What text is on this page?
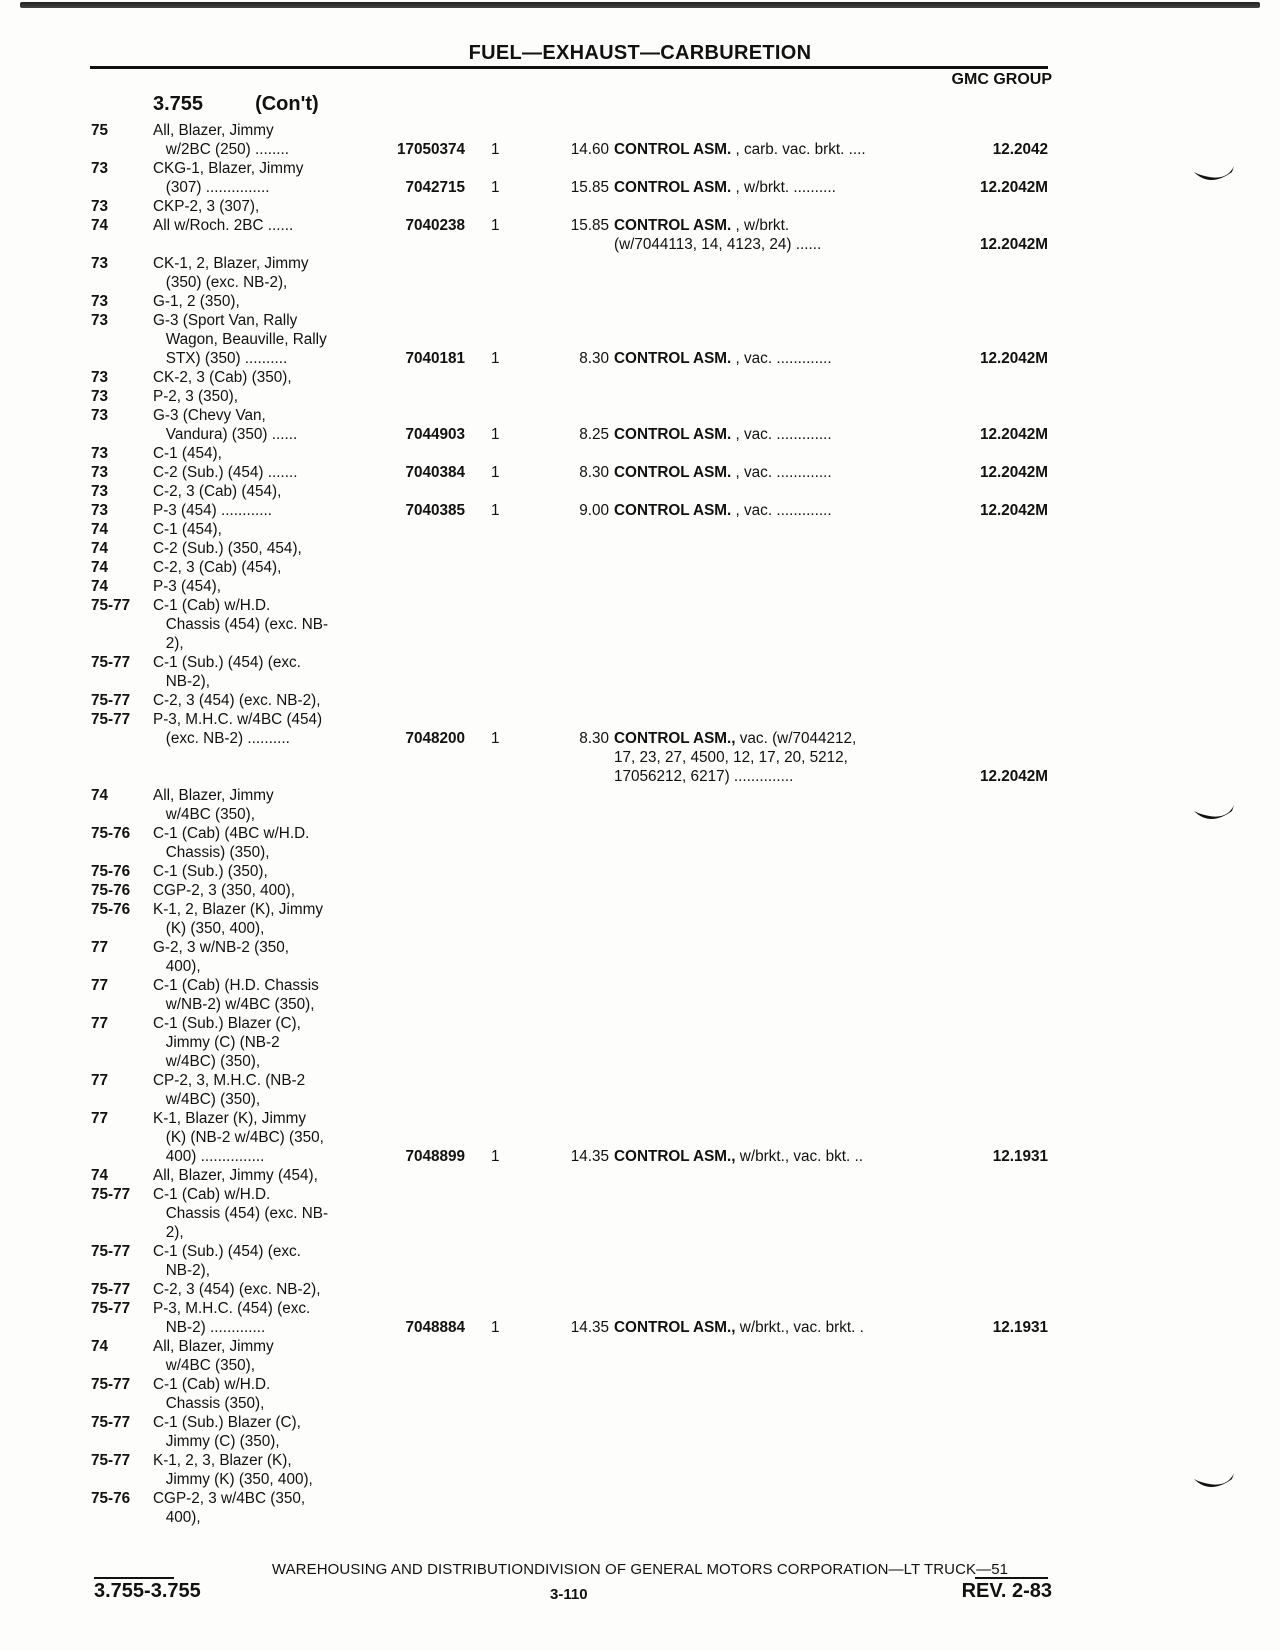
FUEL—EXHAUST—CARBURETION
GMC GROUP
3.755	(Con't)
75	All, Blazer, Jimmy
w/2BC (250) ........	17050374 1	14.60 CONTROL ASM. , carb. vac. brkt. ....	12.2042
73	CKG-1, Blazer, Jimmy
(307) ...............	7042715 1	15.85 CONTROL ASM. , w/brkt. ..........	12.2042M
73	CKP-2, 3 (307),
74	All w/Roch. 2BC ......	7040238 1	15.85 CONTROL ASM. , w/brkt.
(w/7044113, 14, 4123, 24) ......	12.2042M
73	CK-1, 2, Blazer, Jimmy
(350) (exc. NB-2),
73	G-1, 2 (350),
73	G-3 (Sport Van, Rally
Wagon, Beauville, Rally
STX) (350) ..........	7040181 1	8.30 CONTROL ASM. , vac. .............	12.2042M
73	CK-2, 3 (Cab) (350),
73	P-2, 3 (350),
73	G-3 (Chevy Van,
Vandura) (350) ......	7044903 1	8.25 CONTROL ASM. , vac. .............	12.2042M
73	C-1 (454),
73	C-2 (Sub.) (454) .......	7040384 1	8.30 CONTROL ASM. , vac. .............	12.2042M
73	C-2, 3 (Cab) (454),
73	P-3 (454) ............	7040385 1	9.00 CONTROL ASM. , vac. .............	12.2042M
74	C-1 (454),
74	C-2 (Sub.) (350, 454),
74	C-2, 3 (Cab) (454),
74	P-3 (454),
75-77	C-1 (Cab) w/H.D.
Chassis (454) (exc. NB-
2),
75-77	C-1 (Sub.) (454) (exc.
NB-2),
75-77	C-2, 3 (454) (exc. NB-2),
75-77	P-3, M.H.C. w/4BC (454)
(exc. NB-2) ..........	7048200 1	8.30 CONTROL ASM., vac. (w/7044212,
17, 23, 27, 4500, 12, 17, 20, 5212,
17056212, 6217) ..............	12.2042M
74	All, Blazer, Jimmy
w/4BC (350),
75-76	C-1 (Cab) (4BC w/H.D.
Chassis) (350),
75-76	C-1 (Sub.) (350),
75-76	CGP-2, 3 (350, 400),
75-76	K-1, 2, Blazer (K), Jimmy
(K) (350, 400),
77	G-2, 3 w/NB-2 (350,
400),
77	C-1 (Cab) (H.D. Chassis
w/NB-2) w/4BC (350),
77	C-1 (Sub.) Blazer (C),
Jimmy (C) (NB-2
w/4BC) (350),
77	CP-2, 3, M.H.C. (NB-2
w/4BC) (350),
77	K-1, Blazer (K), Jimmy
(K) (NB-2 w/4BC) (350,
400) ...............	7048899 1	14.35 CONTROL ASM., w/brkt., vac. bkt. ..	12.1931
74	All, Blazer, Jimmy (454),
75-77	C-1 (Cab) w/H.D.
Chassis (454) (exc. NB-
2),
75-77	C-1 (Sub.) (454) (exc.
NB-2),
75-77	C-2, 3 (454) (exc. NB-2),
75-77	P-3, M.H.C. (454) (exc.
NB-2) .............	7048884 1	14.35 CONTROL ASM., w/brkt., vac. brkt. .	12.1931
74	All, Blazer, Jimmy
w/4BC (350),
75-77	C-1 (Cab) w/H.D.
Chassis (350),
75-77	C-1 (Sub.) Blazer (C),
Jimmy (C) (350),
75-77	K-1, 2, 3, Blazer (K),
Jimmy (K) (350, 400),
75-76	CGP-2, 3 w/4BC (350,
400),
WAREHOUSING AND DISTRIBUTIONDIVISION OF GENERAL MOTORS CORPORATION—LT TRUCK—51
3.755-3.755	3-110	REV. 2-83
